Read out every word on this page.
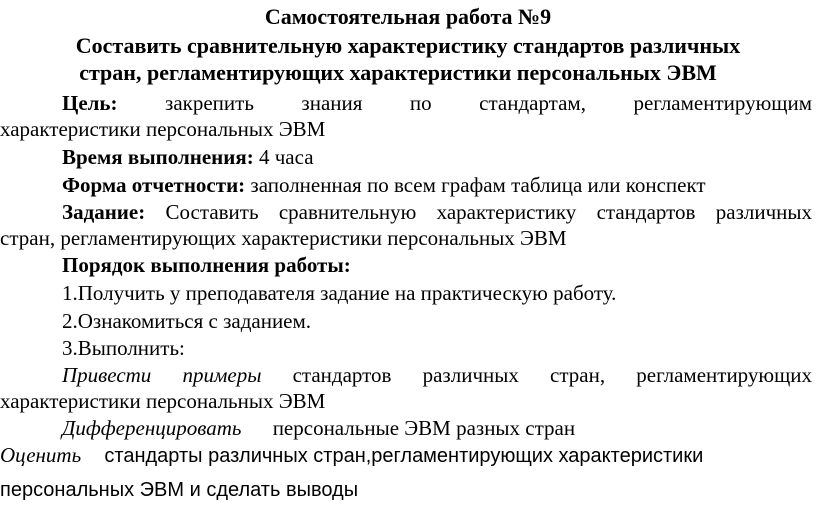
Самостоятельная работа №9
Составить сравнительную характеристику стандартов различных
стран, регламентирующих характеристики персональных ЭВМ
Цель: закрепить знания по стандартам, регламентирующим
характеристики персональных ЭВМ
Время выполнения: 4 часа
Форма отчетности: заполненная по всем графам таблица или конспект
Задание: Составить сравнительную характеристику стандартов различных
стран, регламентирующих характеристики персональных ЭВМ
Порядок выполнения работы:
1.Получить у преподавателя задание на практическую работу.
2.Ознакомиться с заданием.
3.Выполнить:
Привести примеры стандартов различных стран, регламентирующих
характеристики персональных ЭВМ
Дифференцировать персональные ЭВМ разных стран
Оценить стандарты различных стран,регламентирующих характеристики
персональных ЭВМ и сделать выводы
